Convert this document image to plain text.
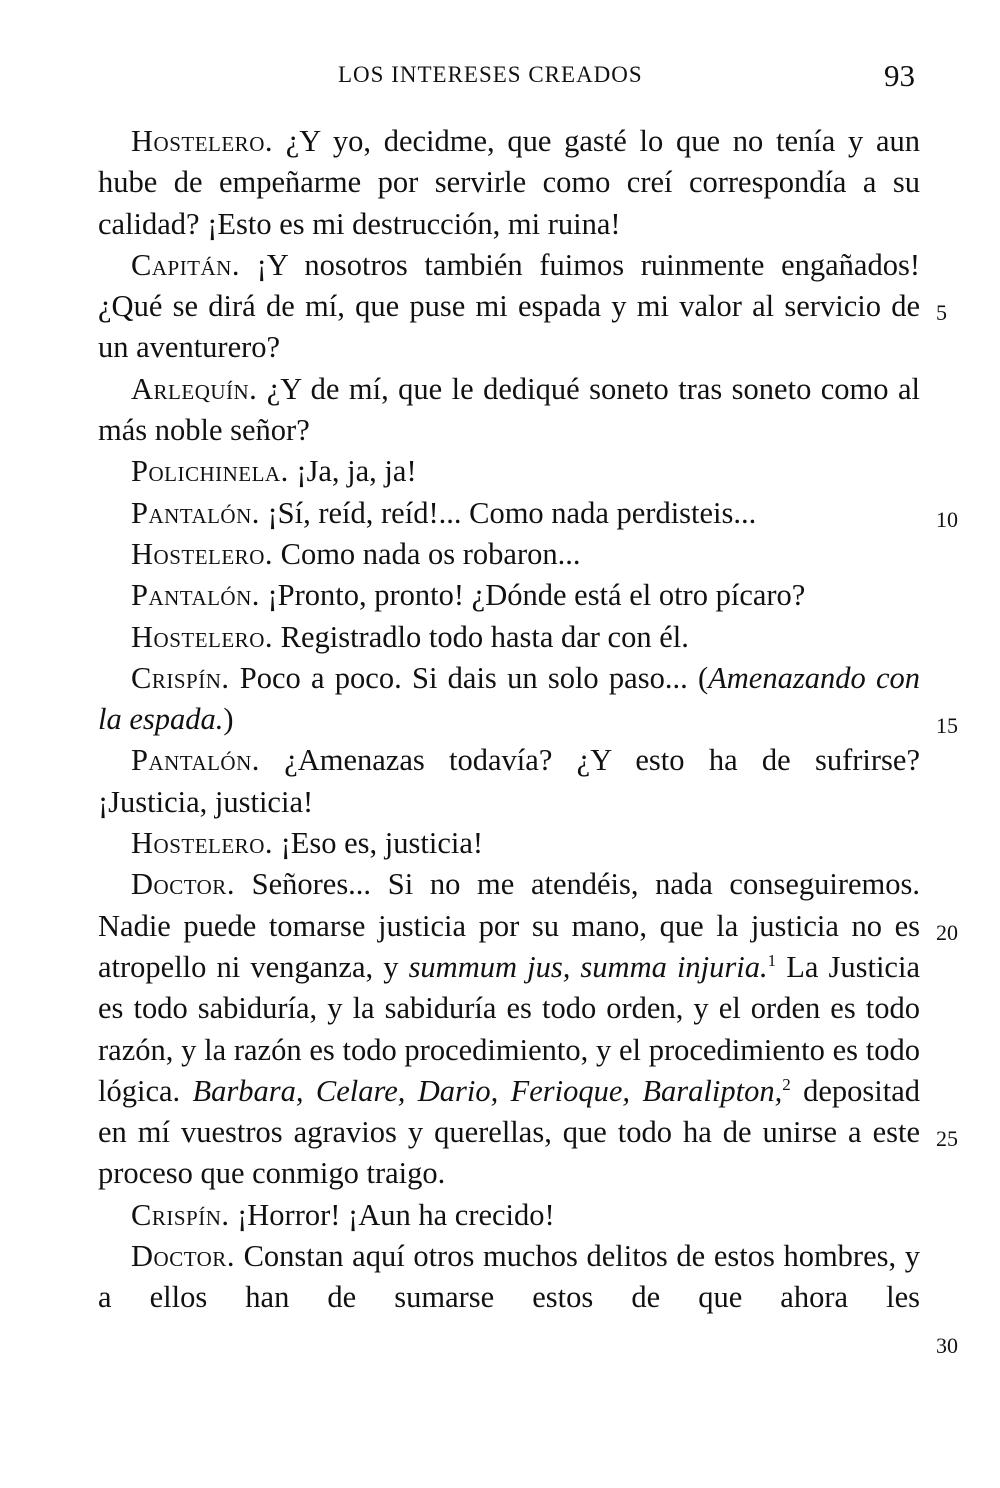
LOS INTERESES CREADOS	93

Hostelero. ¿Y yo, decidme, que gasté lo que no tenía y aun hube de empeñarme por servirle como creí correspondía a su calidad? ¡Esto es mi destrucción, mi ruina!

Capitán. ¡Y nosotros también fuimos ruinmente engañados! ¿Qué se dirá de mí, que puse mi espada y mi valor al servicio de un aventurero?

Arlequín. ¿Y de mí, que le dediqué soneto tras soneto como al más noble señor?

Polichinela. ¡Ja, ja, ja!

Pantalón. ¡Sí, reíd, reíd!... Como nada perdisteis...

Hostelero. Como nada os robaron...

Pantalón. ¡Pronto, pronto! ¿Dónde está el otro pícaro?

Hostelero. Registradlo todo hasta dar con él.

Crispín. Poco a poco. Si dais un solo paso... (Amenazando con la espada.)

Pantalón. ¿Amenazas todavía? ¿Y esto ha de sufrirse? ¡Justicia, justicia!

Hostelero. ¡Eso es, justicia!

Doctor. Señores... Si no me atendéis, nada conseguiremos. Nadie puede tomarse justicia por su mano, que la justicia no es atropello ni venganza, y summum jus, summa injuria.$^1$ La Justicia es todo sabiduría, y la sabiduría es todo orden, y el orden es todo razón, y la razón es todo procedimiento, y el procedimiento es todo lógica. Barbara, Celare, Dario, Ferioque, Baralipton,$^2$ depositad en mí vuestros agravios y querellas, que todo ha de unirse a este proceso que conmigo traigo.

Crispín. ¡Horror! ¡Aun ha crecido!

Doctor. Constan aquí otros muchos delitos de estos hombres, y a ellos han de sumarse estos de que ahora les

5
10
15
20
25
30
